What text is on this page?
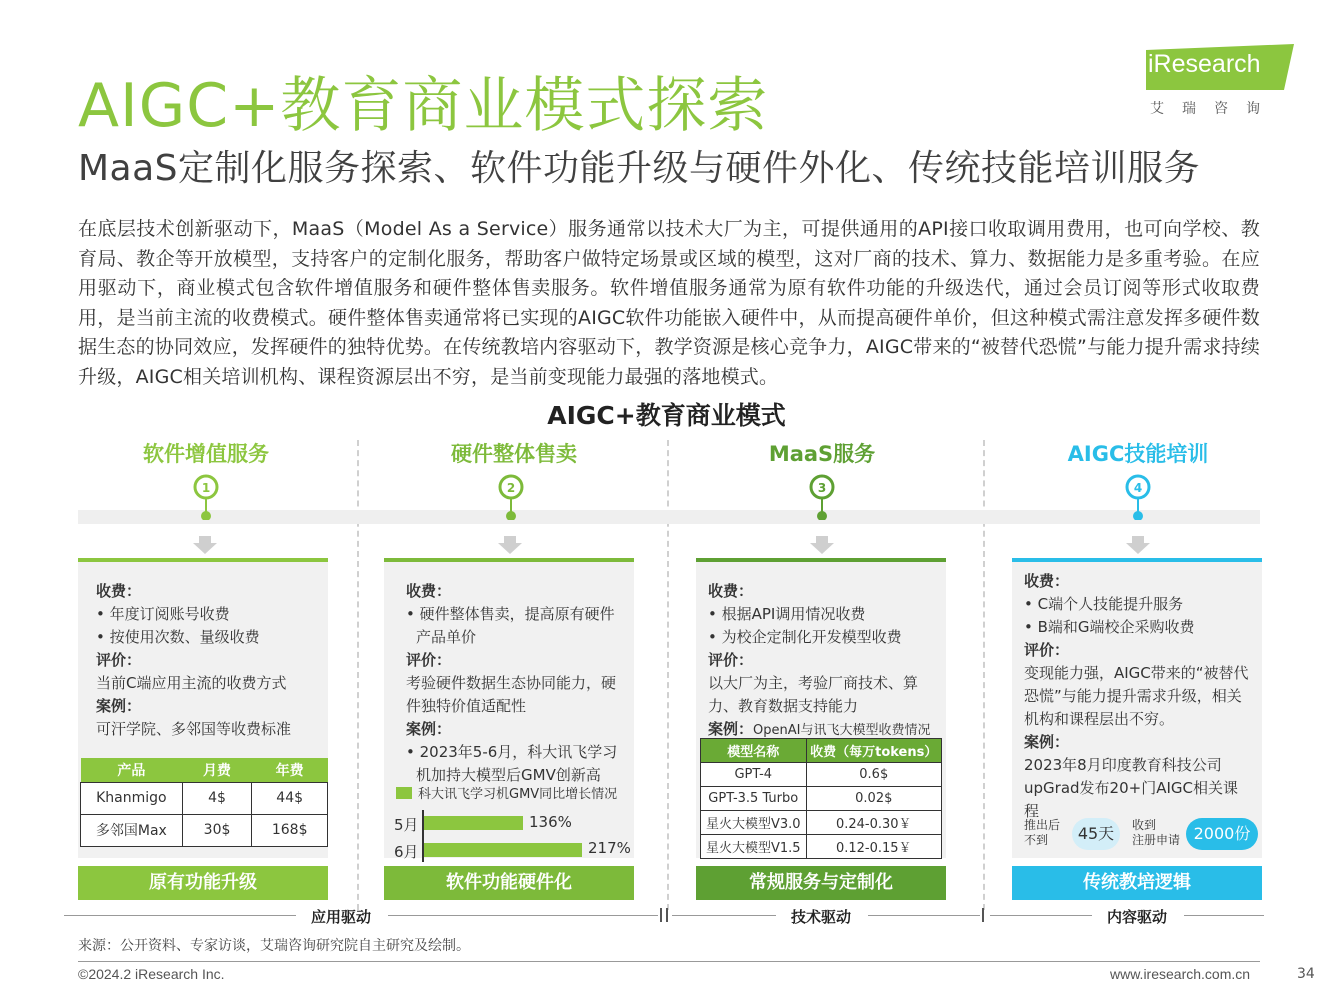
AIGC+教育商业模式探索
MaaS定制化服务探索、软件功能升级与硬件外化、传统技能培训服务
iResearch
艾瑞咨询
在底层技术创新驱动下，MaaS（Model As a Service）服务通常以技术大厂为主，可提供通用的API接口收取调用费用，也可向学校、教育局、教企等开放模型，支持客户的定制化服务，帮助客户做特定场景或区域的模型，这对厂商的技术、算力、数据能力是多重考验。在应用驱动下，商业模式包含软件增值服务和硬件整体售卖服务。软件增值服务通常为原有软件功能的升级迭代，通过会员订阅等形式收取费用，是当前主流的收费模式。硬件整体售卖通常将已实现的AIGC软件功能嵌入硬件中，从而提高硬件单价，但这种模式需注意发挥多硬件数据生态的协同效应，发挥硬件的独特优势。在传统教培内容驱动下，教学资源是核心竞争力，AIGC带来的“被替代恐慌”与能力提升需求持续升级，AIGC相关培训机构、课程资源层出不穷，是当前变现能力最强的落地模式。
AIGC+教育商业模式
软件增值服务	硬件整体售卖	MaaS服务	AIGC技能培训
1	2	3	4
收费：
• 年度订阅账号收费
• 按使用次数、量级收费
评价：
当前C端应用主流的收费方式
案例：
可汗学院、多邻国等收费标准
产品	月费	年费
Khanmigo	4$	44$
多邻国Max	30$	168$
原有功能升级
收费：
• 硬件整体售卖，提高原有硬件产品单价
评价：
考验硬件数据生态协同能力，硬件独特价值适配性
案例：
• 2023年5-6月，科大讯飞学习机加持大模型后GMV创新高
科大讯飞学习机GMV同比增长情况
5月	136%
6月	217%
软件功能硬件化
收费：
• 根据API调用情况收费
• 为校企定制化开发模型收费
评价：
以大厂为主，考验厂商技术、算力、教育数据支持能力
案例：OpenAI与讯飞大模型收费情况
模型名称	收费（每万tokens）
GPT-4	0.6$
GPT-3.5 Turbo	0.02$
星火大模型V3.0	0.24-0.30￥
星火大模型V1.5	0.12-0.15￥
常规服务与定制化
收费：
• C端个人技能提升服务
• B端和G端校企采购收费
评价：
变现能力强，AIGC带来的“被替代恐慌”与能力提升需求升级，相关机构和课程层出不穷。
案例：
2023年8月印度教育科技公司upGrad发布20+门AIGC相关课程
推出后
不到	45天	收到
注册申请 2000份
传统教培逻辑
应用驱动	技术驱动	内容驱动
来源：公开资料、专家访谈，艾瑞咨询研究院自主研究及绘制。
©2024.2 iResearch Inc.	www.iresearch.com.cn	34
